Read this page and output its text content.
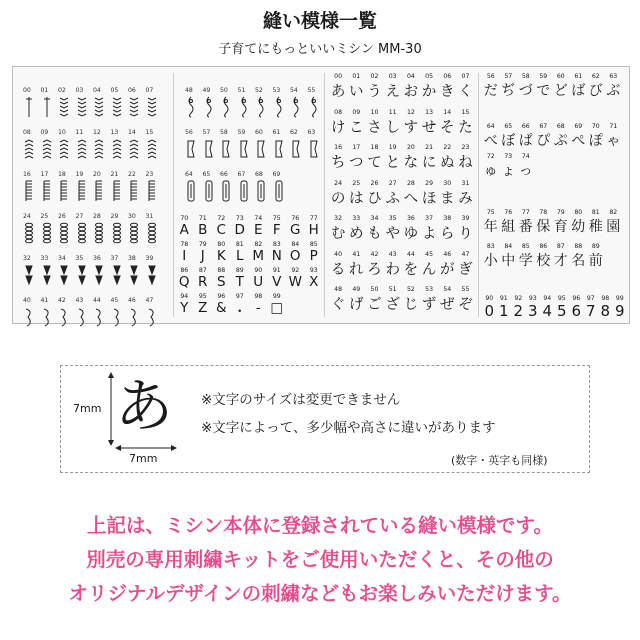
縫い模様一覧
子育てにもっといいミシン MM-30
00 01 02 03 04 05 06 07
08 09 10 11 12 13 14 15
16 17 18 19 20 21 22 23
24 25 26 27 28 29 30 31
32 33 34 35 36 37 38 39
40 41 42 43 44 45 46 47
48 49 50 51 52 53 54 55
56 57 58 59 60 61 62 63
64 65 66 67 68 69
70	71	72	73	74	75	76	77
A B C D E F G H
78	79	80	81	82	83	84	85
I	J K L M N O P
86	87	88	89	90	91	92	93
Q R S T U V W X
94	95	96	97	98	99
Y Z & ・ - □
00	01	02	03	04	05	06	07
あ い う え お か き く
08	09	10	11	12	13	14	15
け こ さ し す せ そ た
16	17	18	19	20	21	22	23
ち つ て と な に ぬ ね
24	25	26	27	28	29	30	31
の は ひ ふ へ ほ ま み
32	33	34	35	36	37	38	39
む め も や ゆ よ ら り
40	41	42	43	44	45	46	47
る れ ろ わ を ん が ぎ
48	49	50	51	52	53	54	55
ぐ げ ご ざ じ ず ぜ ぞ
56	57	58	59	60	61	62	63
だ ぢ づ で ど ば び ぶ
64	65	66	67	68	69	70	71
べ ぼ ぱ ぴ ぷ ぺ ぽ ゃ
72	73	74
ゅ ょ っ
75	76	77	78	79	80	81	82
年 組 番 保 育 幼 稚 園
83	84	85	86	87	88	89
小 中 学 校 才 名 前
90	91	92	93	94	95	96	97	98	99
0 1 2 3 4 5 6 7 8 9
あ
7mm
7mm
※文字のサイズは変更できません
※文字によって、多少幅や高さに違いがあります
(数字・英字も同様)
上記は、ミシン本体に登録されている縫い模様です。
別売の専用刺繍キットをご使用いただくと、その他の
オリジナルデザインの刺繍などもお楽しみいただけます。
